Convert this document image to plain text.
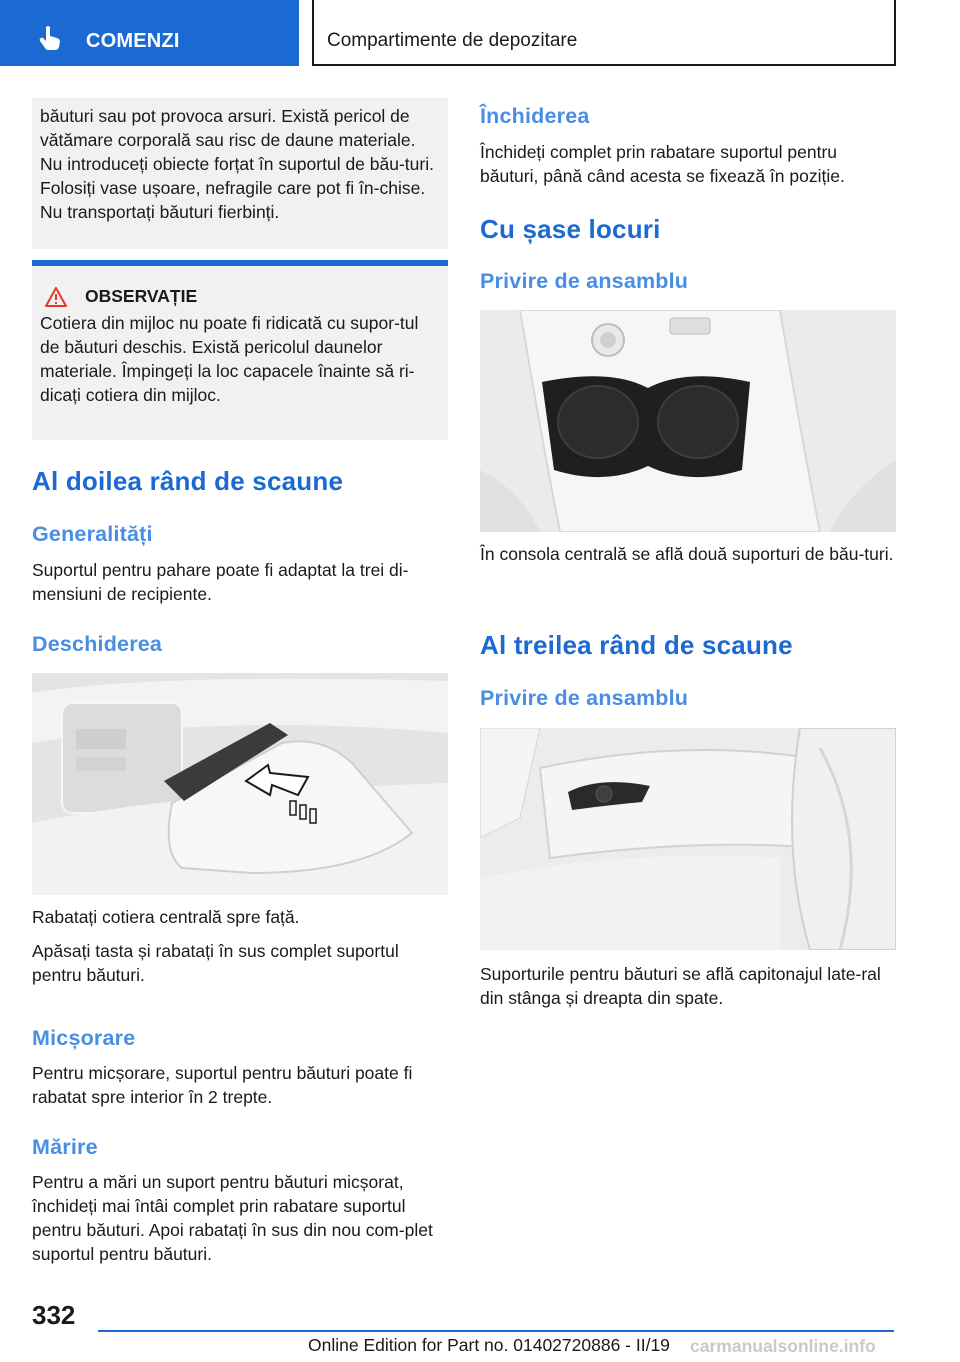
COMENZI	Compartimente de depozitare

băuturi sau pot provoca arsuri. Există pericol de vătămare corporală sau risc de daune materiale. Nu introduceți obiecte forțat în suportul de bău-turi. Folosiți vase ușoare, nefragile care pot fi în-chise. Nu transportați băuturi fierbinți.

OBSERVAȚIE

Cotiera din mijloc nu poate fi ridicată cu supor-tul de băuturi deschis. Există pericolul daunelor materiale. Împingeți la loc capacele înainte să ri-dicați cotiera din mijloc.

Al doilea rând de scaune
Generalități

Suportul pentru pahare poate fi adaptat la trei di-mensiuni de recipiente.

Deschiderea

Rabatați cotiera centrală spre față.

Apăsați tasta și rabatați în sus complet suportul pentru băuturi.

Micșorare

Pentru micșorare, suportul pentru băuturi poate fi rabatat spre interior în 2 trepte.

Mărire

Pentru a mări un suport pentru băuturi micșorat, închideți mai întâi complet prin rabatare suportul pentru băuturi. Apoi rabatați în sus din nou com-plet suportul pentru băuturi.

Închiderea

Închideți complet prin rabatare suportul pentru băuturi, până când acesta se fixează în poziție.

Cu șase locuri
Privire de ansamblu

În consola centrală se află două suporturi de bău-turi.

Al treilea rând de scaune
Privire de ansamblu

Suporturile pentru băuturi se află capitonajul late-ral din stânga și dreapta din spate.

332
Online Edition for Part no. 01402720886 - II/19 carmanualsonline.info
